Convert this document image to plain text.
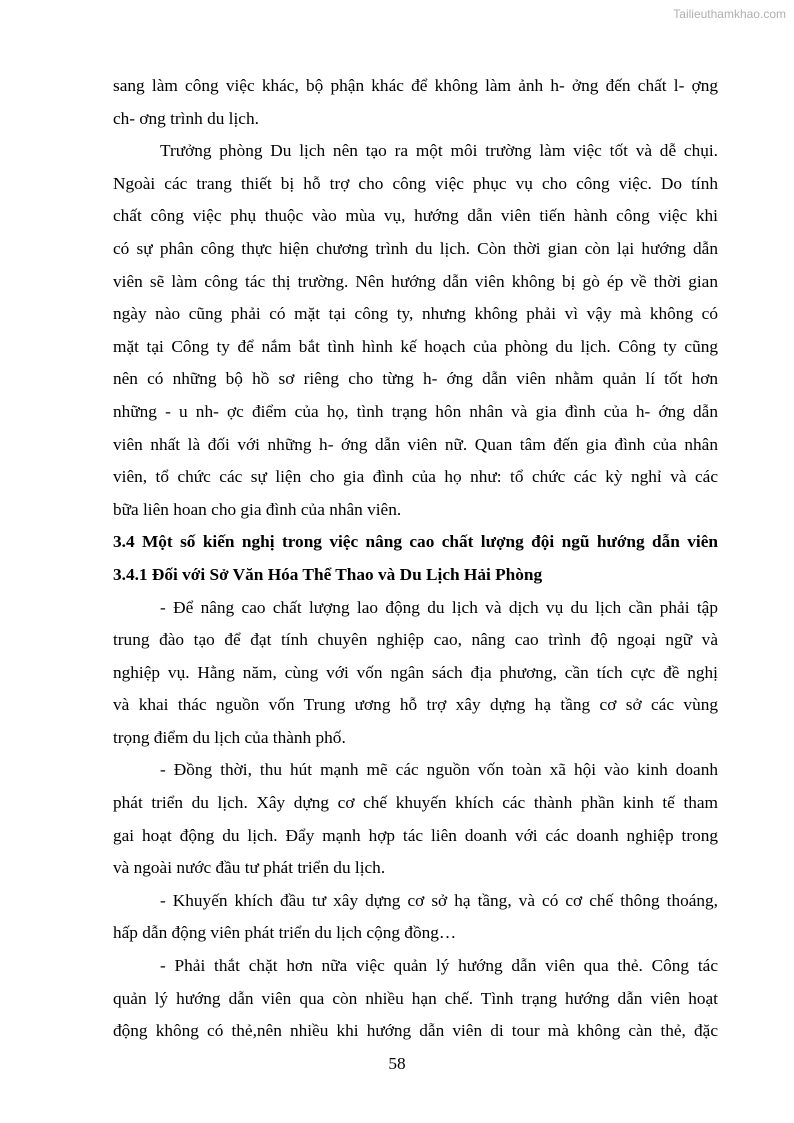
Tailieuthamkhao.com
sang làm công việc khác, bộ phận khác để không làm ảnh h- ởng đến chất l- ợng
ch- ơng trình du lịch.
Trưởng phòng Du lịch nên tạo ra một môi trường làm việc tốt và dễ chụi.
Ngoài các trang thiết bị hỗ trợ cho công việc phục vụ cho công việc. Do tính
chất công việc phụ thuộc vào mùa vụ, hướng dẫn viên tiến hành công việc khi
có sự phân công thực hiện chương trình du lịch. Còn thời gian còn lại hướng dẫn
viên sẽ làm công tác thị trường. Nên hướng dẫn viên không bị gò ép về thời gian
ngày nào cũng phải có mặt tại công ty, nhưng không phải vì vậy mà không có
mặt tại Công ty để nắm bắt tình hình kế hoạch của phòng du lịch. Công ty cũng
nên có những bộ hồ sơ riêng cho từng h- ớng dẫn viên nhằm quản lí tốt hơn
những - u nh- ợc điểm của họ, tình trạng hôn nhân và gia đình của h- ớng dẫn
viên nhất là đối với những h- ớng dẫn viên nữ. Quan tâm đến gia đình của nhân
viên, tổ chức các sự liện cho gia đình của họ như: tổ chức các kỳ nghỉ và các
bữa liên hoan cho gia đình của nhân viên.
3.4 Một số kiến nghị trong việc nâng cao chất lượng đội ngũ hướng dẫn viên
3.4.1 Đối với Sở Văn Hóa Thể Thao và Du Lịch Hải Phòng
- Để nâng cao chất lượng lao động du lịch và dịch vụ du lịch cần phải tập
trung đào tạo để đạt tính chuyên nghiệp cao, nâng cao trình độ ngoại ngữ và
nghiệp vụ. Hằng năm, cùng với vốn ngân sách địa phương, cần tích cực đề nghị
và khai thác nguồn vốn Trung ương hỗ trợ xây dựng hạ tầng cơ sở các vùng
trọng điểm du lịch của thành phố.
- Đồng thời, thu hút mạnh mẽ các nguồn vốn toàn xã hội vào kinh doanh
phát triển du lịch. Xây dựng cơ chế khuyến khích các thành phần kinh tế tham
gai hoạt động du lịch. Đẩy mạnh hợp tác liên doanh với các doanh nghiệp trong
và ngoài nước đầu tư phát triển du lịch.
- Khuyến khích đầu tư xây dựng cơ sở hạ tầng, và có cơ chế thông thoáng,
hấp dẫn động viên phát triển du lịch cộng đồng…
- Phải thắt chặt hơn nữa việc quản lý hướng dẫn viên qua thẻ. Công tác
quản lý hướng dẫn viên qua còn nhiều hạn chế. Tình trạng hướng dẫn viên hoạt
động không có thẻ,nên nhiều khi hướng dẫn viên di tour mà không càn thẻ, đặc
58
